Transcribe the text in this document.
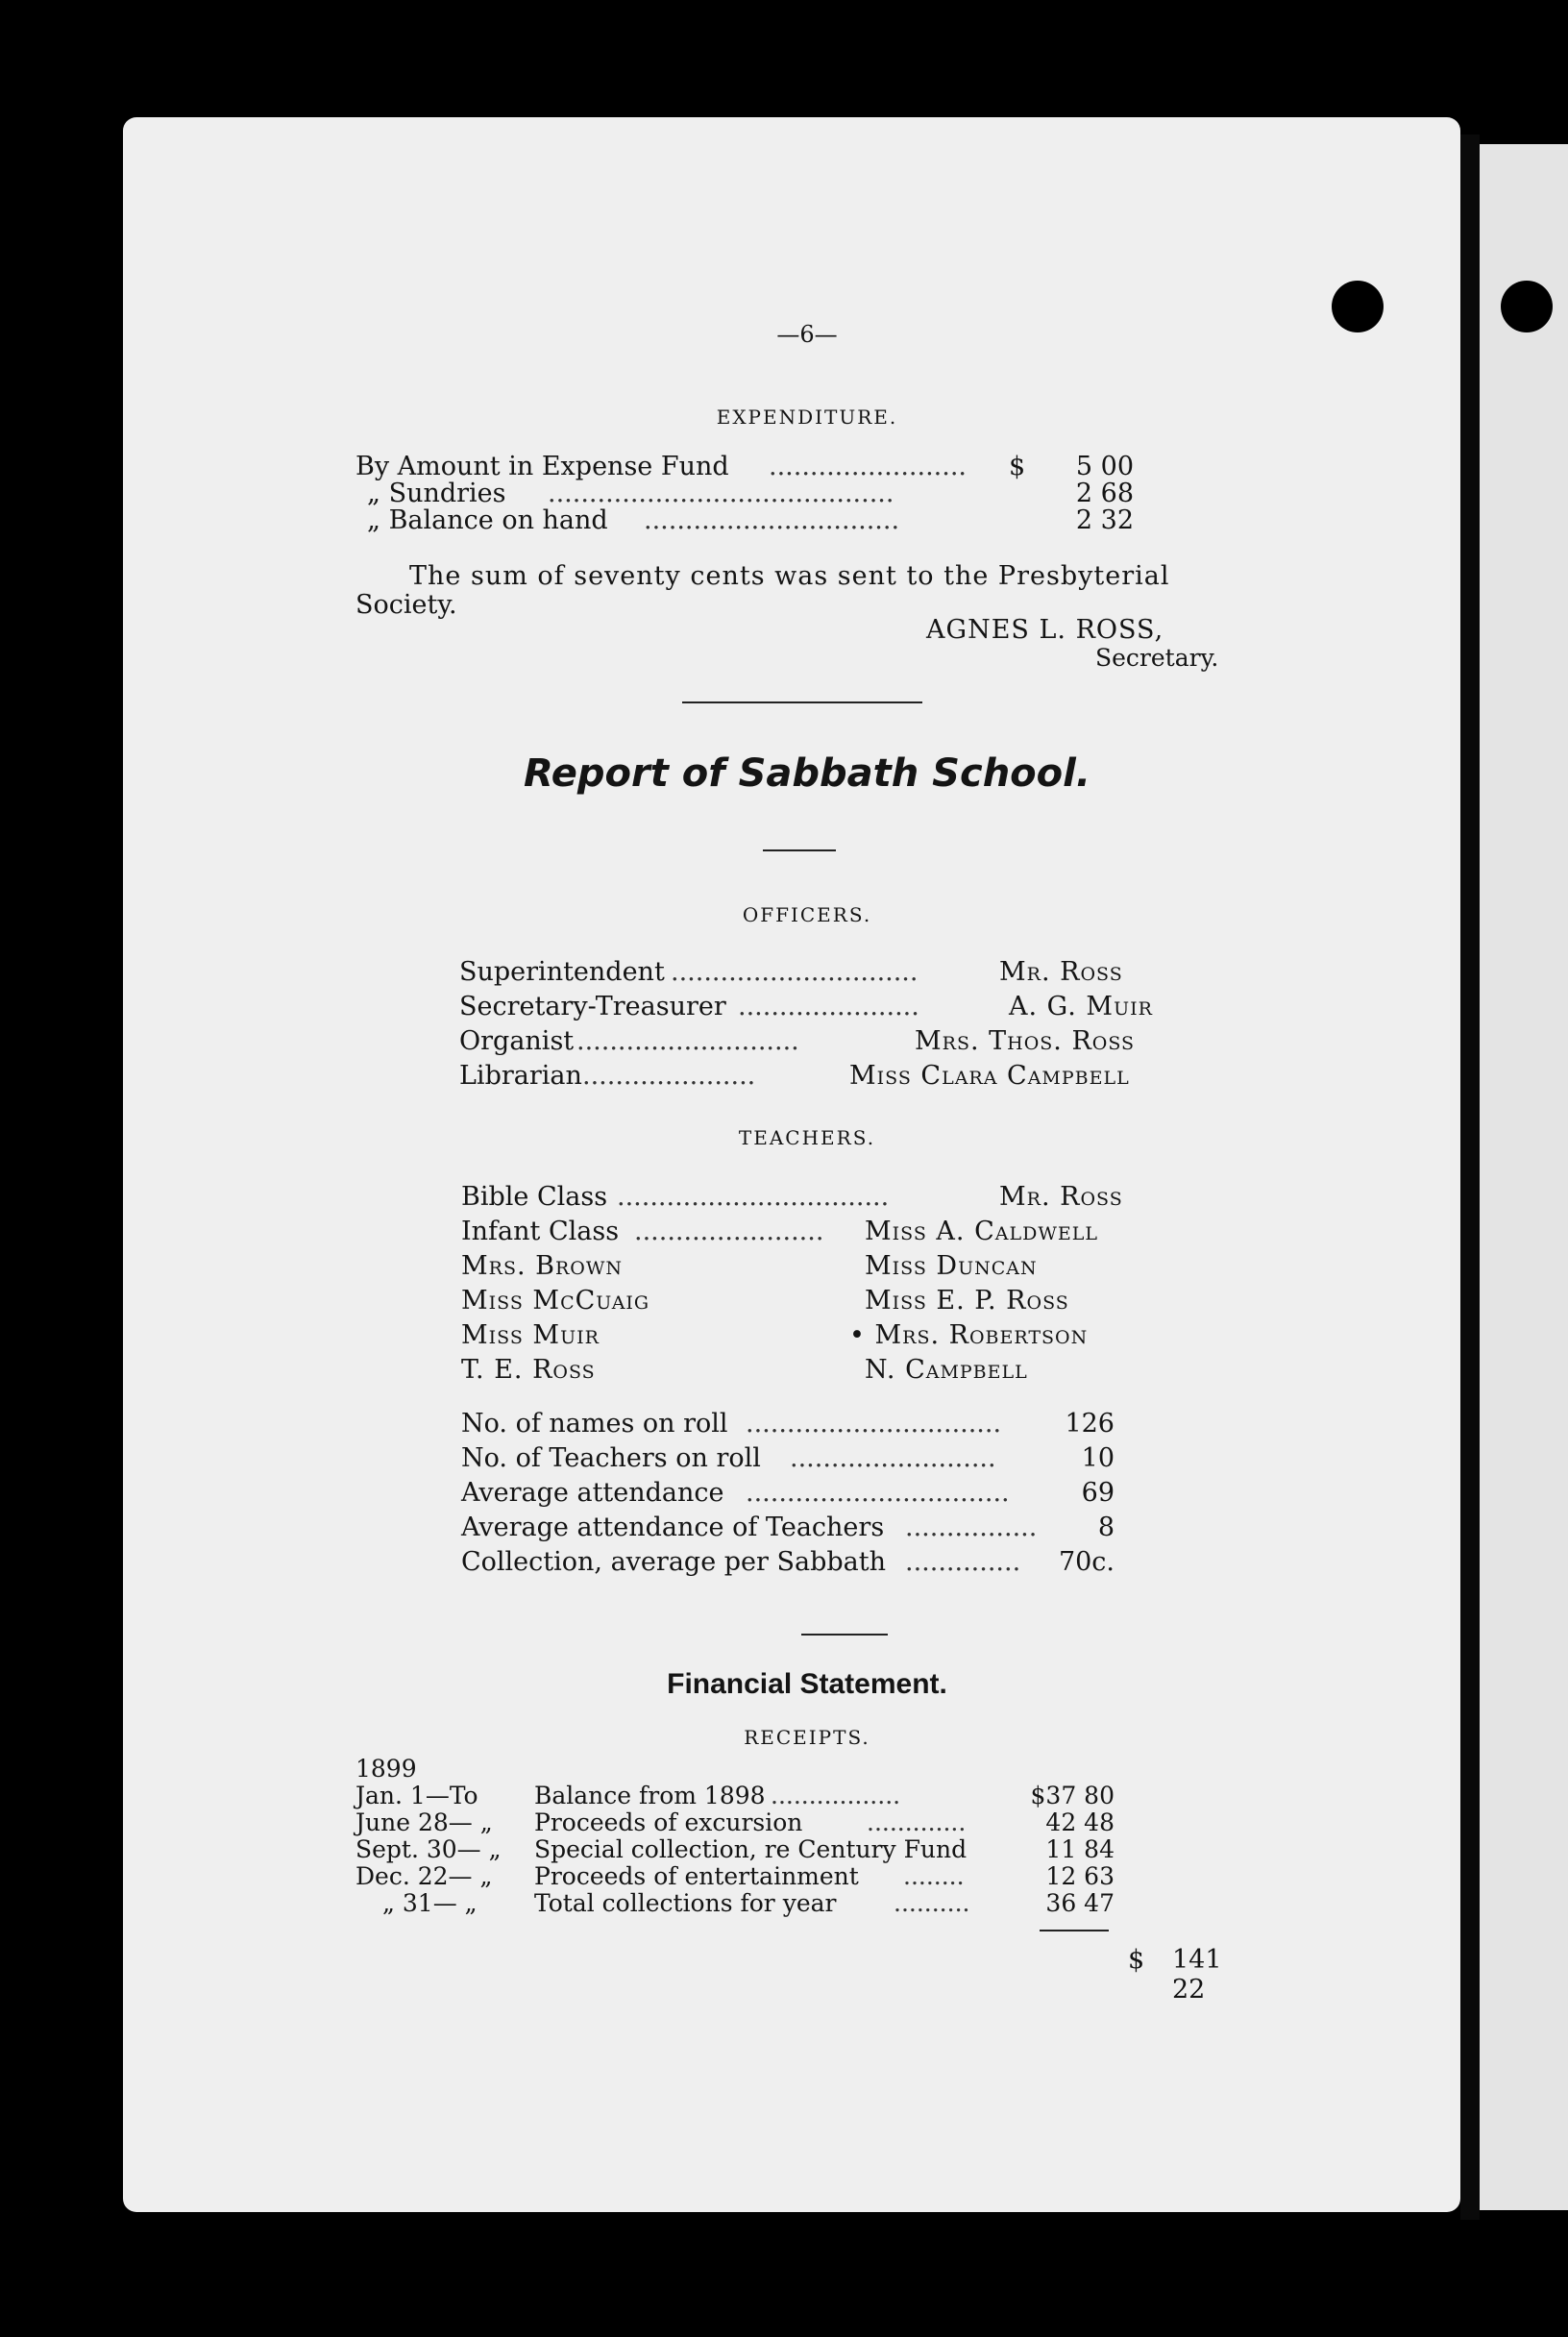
—6—
EXPENDITURE.
By Amount in Expense Fund ........................ $	5 00
„ Sundries ..........................................	2 68
„ Balance on hand ...............................	2 32
The sum of seventy cents was sent to the Presbyterial
Society.
AGNES L. ROSS,
Secretary.
Report of Sabbath School.
OFFICERS.
Superintendent ..............................	Mr. Ross
Secretary-Treasurer ......................	A. G. Muir
Organist ...........................	Mrs. Thos. Ross
Librarian .....................	Miss Clara Campbell
TEACHERS.
Bible Class .................................	Mr. Ross
Infant Class ....................... Miss A. Caldwell
Mrs. Brown	Miss Duncan
Miss McCuaig	Miss E. P. Ross
Miss Muir	• Mrs. Robertson
T. E. Ross	N. Campbell
No. of names on roll ...............................	126
No. of Teachers on roll .........................	10
Average attendance ................................	69
Average attendance of Teachers ................	8
Collection, average per Sabbath ..............	70c.
Financial Statement.
RECEIPTS.
1899
Jan. 1—To Balance from 1898 .................	$37 80
June 28— „ Proceeds of excursion	.............	42 48
Sept. 30— „ Special collection, re Century Fund	11 84
Dec. 22— „ Proceeds of entertainment ........	12 63
„ 31— „ Total collections for year ..........	36 47
$ 141 22
